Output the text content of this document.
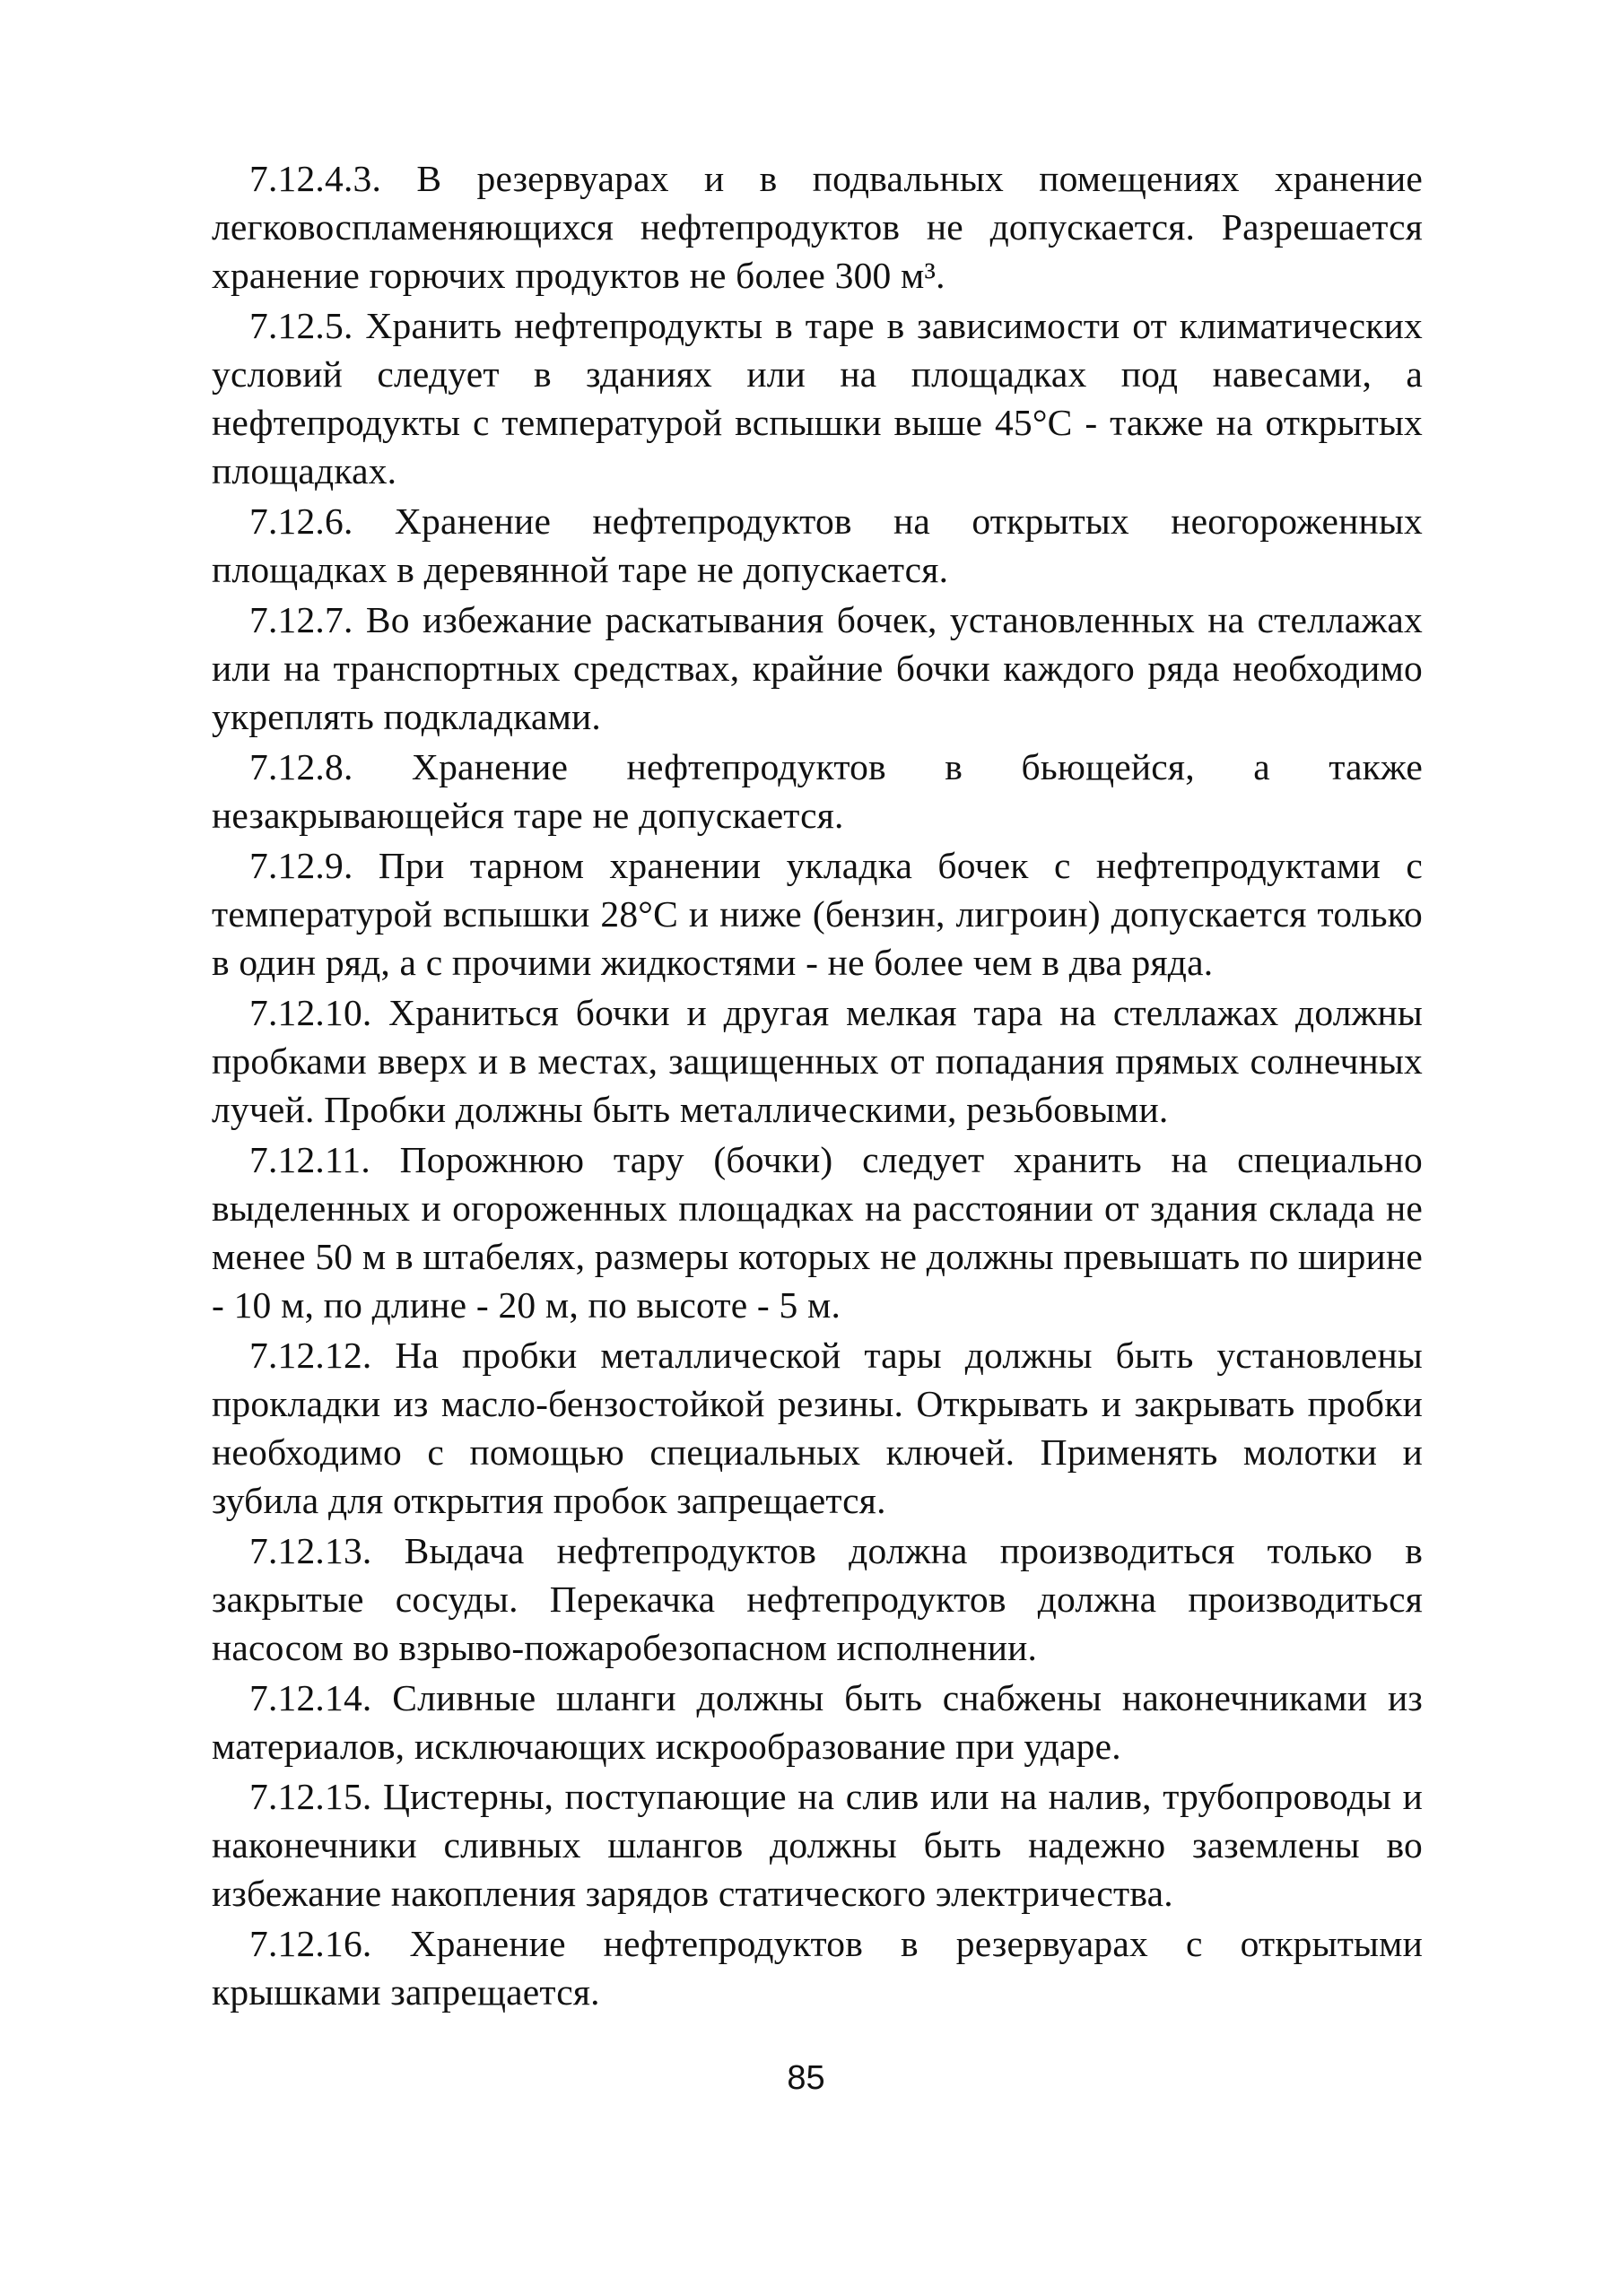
7.12.4.3. В резервуарах и в подвальных помещениях хранение легковоспламеняющихся нефтепродуктов не допускается. Разрешается хранение горючих продуктов не более 300 м³.

7.12.5. Хранить нефтепродукты в таре в зависимости от климатических условий следует в зданиях или на площадках под навесами, а нефтепродукты с температурой вспышки выше 45°С - также на открытых площадках.

7.12.6. Хранение нефтепродуктов на открытых неогороженных площадках в деревянной таре не допускается.

7.12.7. Во избежание раскатывания бочек, установленных на стеллажах или на транспортных средствах, крайние бочки каждого ряда необходимо укреплять подкладками.

7.12.8. Хранение нефтепродуктов в бьющейся, а также незакрывающейся таре не допускается.

7.12.9. При тарном хранении укладка бочек с нефтепродуктами с температурой вспышки 28°С и ниже (бензин, лигроин) допускается только в один ряд, а с прочими жидкостями - не более чем в два ряда.

7.12.10. Храниться бочки и другая мелкая тара на стеллажах должны пробками вверх и в местах, защищенных от попадания прямых солнечных лучей. Пробки должны быть металлическими, резьбовыми.

7.12.11. Порожнюю тару (бочки) следует хранить на специально выделенных и огороженных площадках на расстоянии от здания склада не менее 50 м в штабелях, размеры которых не должны превышать по ширине - 10 м, по длине - 20 м, по высоте - 5 м.

7.12.12. На пробки металлической тары должны быть установлены прокладки из масло-бензостойкой резины. Открывать и закрывать пробки необходимо с помощью специальных ключей. Применять молотки и зубила для открытия пробок запрещается.

7.12.13. Выдача нефтепродуктов должна производиться только в закрытые сосуды. Перекачка нефтепродуктов должна производиться насосом во взрыво-пожаробезопасном исполнении.

7.12.14. Сливные шланги должны быть снабжены наконечниками из материалов, исключающих искрообразование при ударе.

7.12.15. Цистерны, поступающие на слив или на налив, трубопроводы и наконечники сливных шлангов должны быть надежно заземлены во избежание накопления зарядов статического электричества.

7.12.16. Хранение нефтепродуктов в резервуарах с открытыми крышками запрещается.

85
